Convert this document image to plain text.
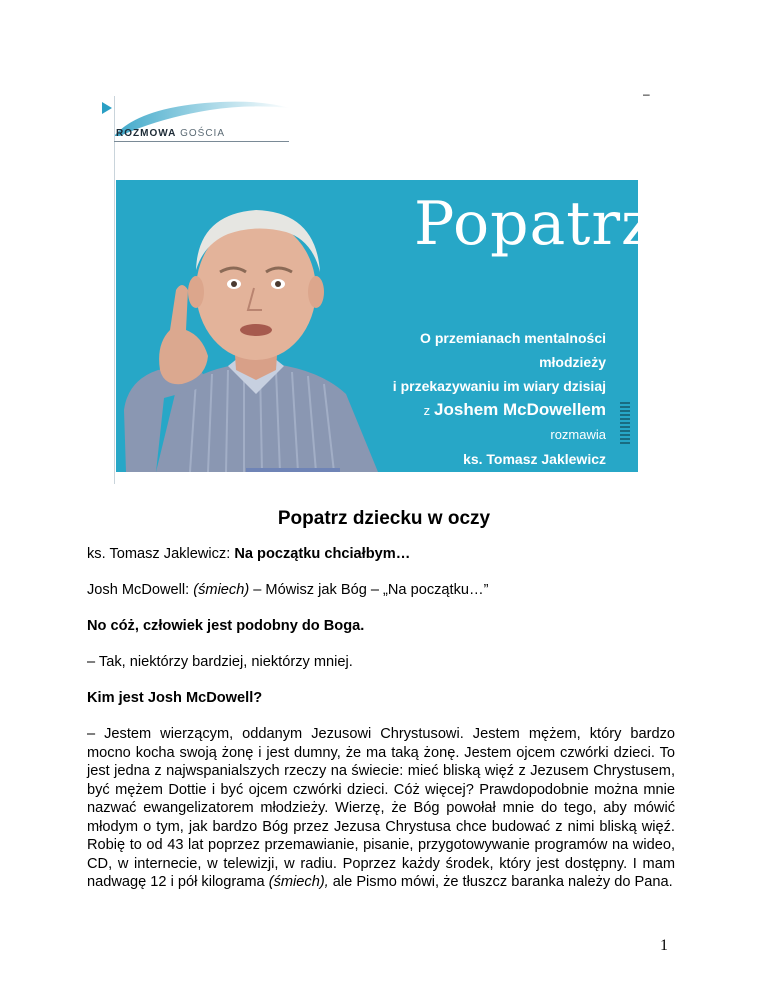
–
ROZMOWA GOŚCIA
Popatrz
O przemianach mentalności młodzieży
i przekazywaniu im wiary dzisiaj
z Joshem McDowellem
rozmawia
ks. Tomasz Jaklewicz
Popatrz dziecku w oczy
ks. Tomasz Jaklewicz: Na początku chciałbym…
Josh McDowell: (śmiech) – Mówisz jak Bóg – „Na początku…”
No cóż, człowiek jest podobny do Boga.
– Tak, niektórzy bardziej, niektórzy mniej.
Kim jest Josh McDowell?
– Jestem wierzącym, oddanym Jezusowi Chrystusowi. Jestem mężem, który bardzo mocno kocha swoją żonę i jest dumny, że ma taką żonę. Jestem ojcem czwórki dzieci. To jest jedna z najwspanialszych rzeczy na świecie: mieć bliską więź z Jezusem Chrystusem, być mężem Dottie i być ojcem czwórki dzieci. Cóż więcej? Prawdopodobnie można mnie nazwać ewangelizatorem młodzieży. Wierzę, że Bóg powołał mnie do tego, aby mówić młodym o tym, jak bardzo Bóg przez Jezusa Chrystusa chce budować z nimi bliską więź. Robię to od 43 lat poprzez przemawianie, pisanie, przygotowywanie programów na wideo, CD, w internecie, w telewizji, w radiu. Poprzez każdy środek, który jest dostępny. I mam nadwagę 12 i pół kilograma (śmiech), ale Pismo mówi, że tłuszcz baranka należy do Pana.
1
